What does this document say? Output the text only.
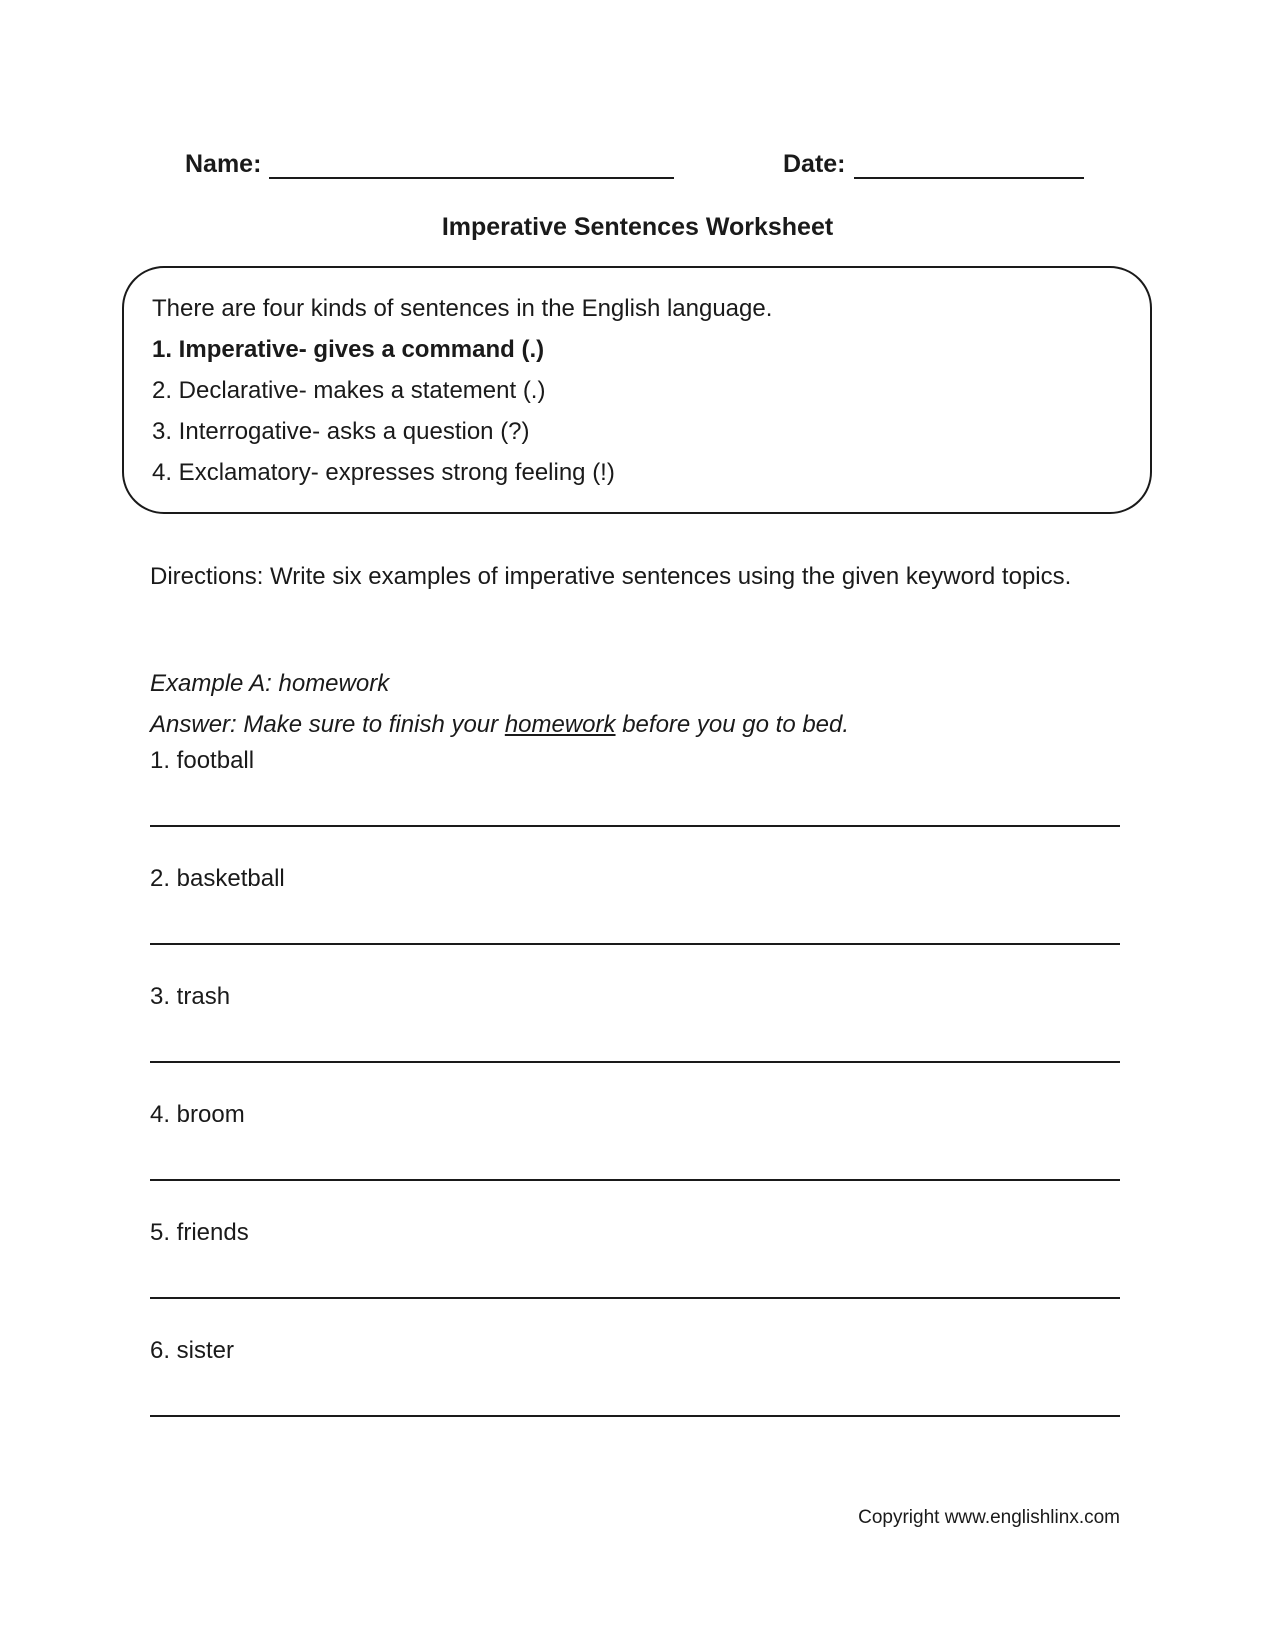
Name:	Date:
Imperative Sentences Worksheet
There are four kinds of sentences in the English language.
1. Imperative- gives a command (.)
2. Declarative- makes a statement (.)
3. Interrogative- asks a question (?)
4. Exclamatory- expresses strong feeling (!)
Directions: Write six examples of imperative sentences using the given keyword topics.
Example A: homework
Answer: Make sure to finish your homework before you go to bed.
1. football
2. basketball
3. trash
4. broom
5. friends
6. sister
Copyright www.englishlinx.com
